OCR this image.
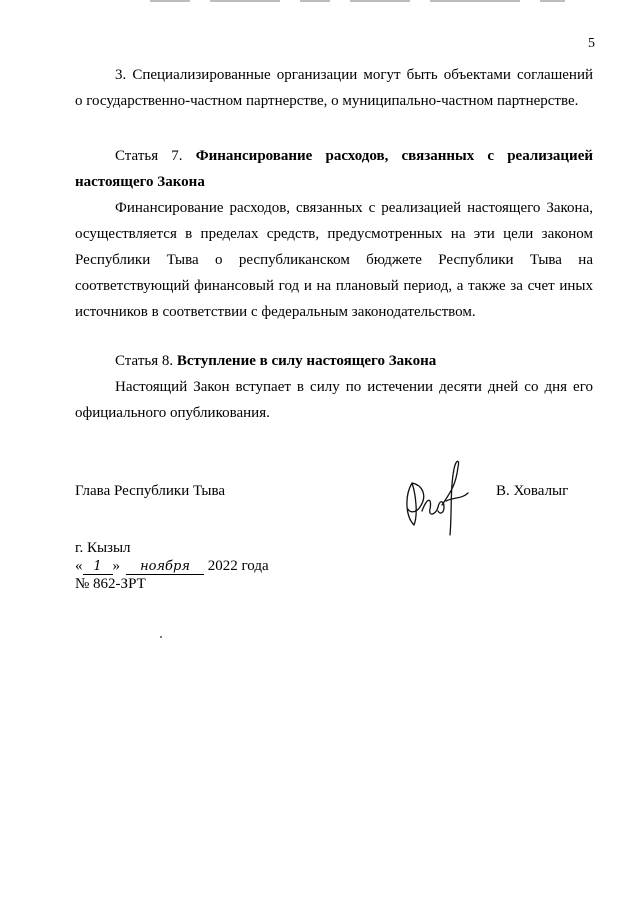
5

3. Специализированные организации могут быть объектами соглашений

о государственно-частном партнерстве, о муниципально-частном партнерстве.

Статья 7. Финансирование расходов, связанных с реализацией

настоящего Закона

Финансирование расходов, связанных с реализацией настоящего Закона,

осуществляется в пределах средств, предусмотренных на эти цели законом

Республики Тыва о республиканском бюджете Республики Тыва на

соответствующий финансовый год и на плановый период, а также за счет иных

источников в соответствии с федеральным законодательством.

Статья 8. Вступление в силу настоящего Закона

Настоящий Закон вступает в силу по истечении десяти дней со дня его

официального опубликования.

Глава Республики Тыва	В. Ховалыг
г. Кызыл
« 1 » ноября 2022 года
№ 862-ЗРТ
